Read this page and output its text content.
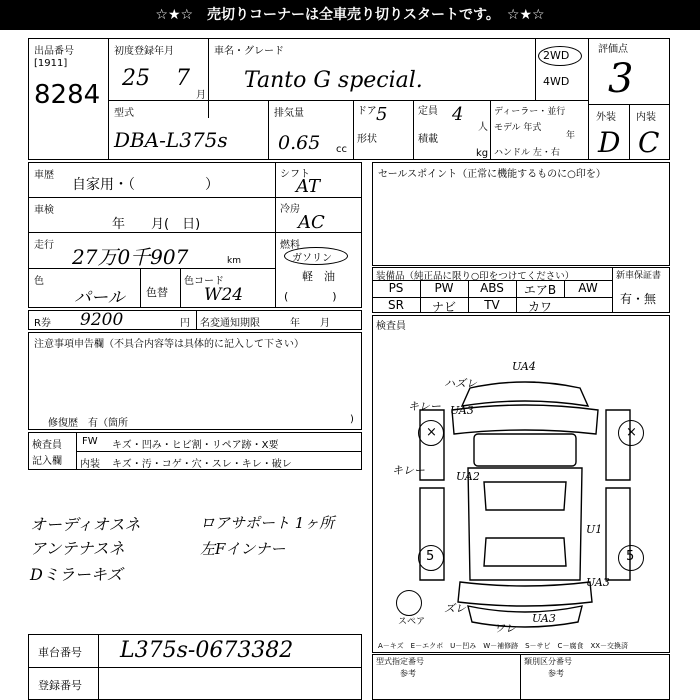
☆★☆　売切りコーナーは全車売り切りスタートです。　☆★☆
出品番号
[1911]
8284
初度登録年月
25 7
月
車名・グレード
Tanto G special.
2WD
4WD
評価点
3
型式
DBA-L375s
排気量
0.65 cc
ドア 5	定員 4
人
形状	積載
kg
ディーラー・並行
モデル 年式
年
ハンドル 左・右
外装 内装
D C
車歴
自家用・（　　　　　）
車検
年　　月(　日)
走行 27万0千907	km
色
パール 色替
色コード
W24
シフト
AT
冷房
AC
燃料
ガソリン
軽　油
(　　　　)
R券 9200	円 名変通知期限	年　　月
注意事項申告欄（不具合内容等は具体的に記入して下さい）
修復歴　有（箇所	)
検査員
記入欄
FW キズ・凹み・ヒビ割・リペア跡・X要
内装 キズ・汚・コゲ・穴・スレ・キレ・破レ
オーディオスネ
アンテナスネ
Dミラーキズ
ロアサポート 1ヶ所
左Fインナー
車台番号 L375s-0673382
登録番号
セールスポイント（正常に機能するものに○印を）
装備品（純正品に限り○印をつけてください）	新車保証書
有・無
PS	PW	ABS	エアB	AW
SR	ナビ	TV	カワ
検査員
×	×
5	5
スペア
UA4
ハズレ
キレー UA3
UA2
キレー
U1
UA3
ズレ
UA3
ワレ
A－キズ　E－エクボ　U－凹み　W－補修跡　S－サビ　C－腐食　XX－交換済
型式指定番号
参考
類別区分番号
参考
